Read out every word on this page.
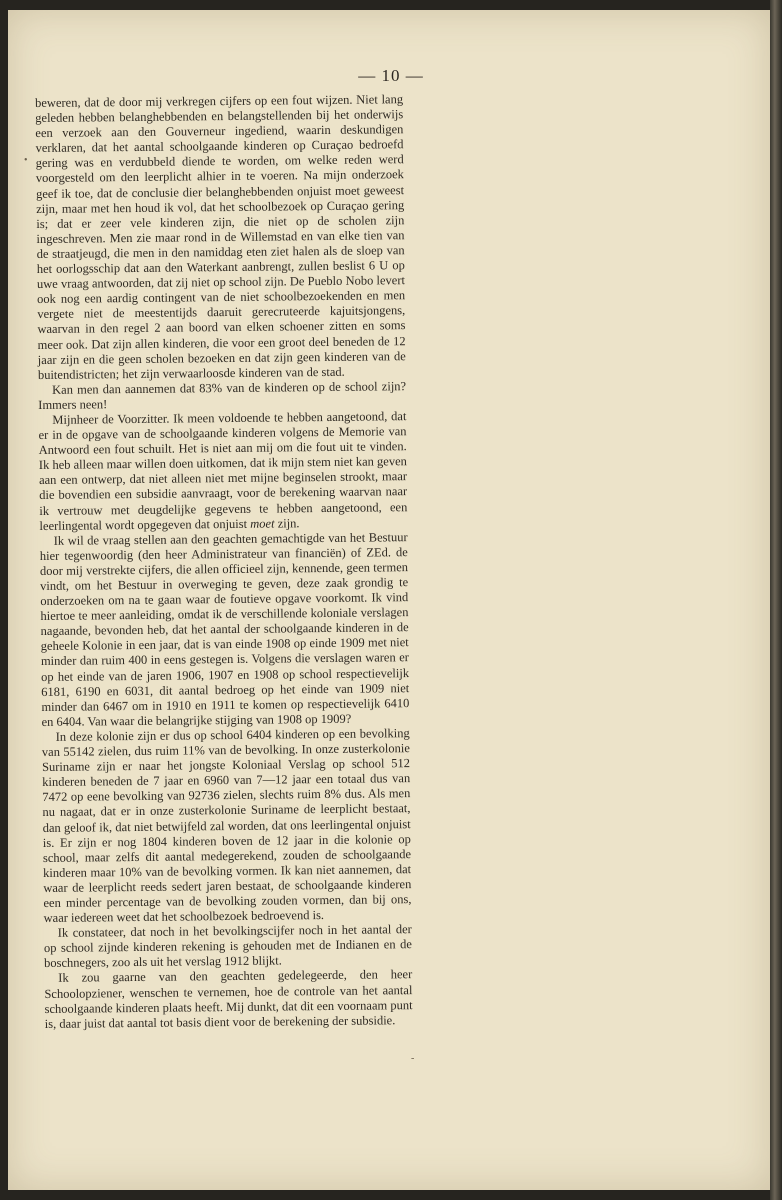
— 10 —
•
-

beweren, dat de door mij verkregen cijfers op een fout wijzen. Niet lang geleden hebben belanghebbenden en belangstellenden bij het onderwijs een verzoek aan den Gouverneur ingediend, waarin deskundigen verklaren, dat het aantal schoolgaande kinderen op Curaçao bedroefd gering was en verdubbeld diende te worden, om welke reden werd voorgesteld om den leerplicht alhier in te voeren. Na mijn onderzoek geef ik toe, dat de conclusie dier belanghebbenden onjuist moet geweest zijn, maar met hen houd ik vol, dat het schoolbezoek op Curaçao gering is; dat er zeer vele kinderen zijn, die niet op de scholen zijn ingeschreven. Men zie maar rond in de Willemstad en van elke tien van de straatjeugd, die men in den namiddag eten ziet halen als de sloep van het oorlogsschip dat aan den Waterkant aanbrengt, zullen beslist 6 U op uwe vraag antwoorden, dat zij niet op school zijn. De Pueblo Nobo levert ook nog een aardig contingent van de niet schoolbezoekenden en men vergete niet de meestentijds daaruit gerecruteerde kajuitsjongens, waarvan in den regel 2 aan boord van elken schoener zitten en soms meer ook. Dat zijn allen kinderen, die voor een groot deel beneden de 12 jaar zijn en die geen scholen bezoeken en dat zijn geen kinderen van de buitendistricten; het zijn verwaarloosde kinderen van de stad.

Kan men dan aannemen dat 83% van de kinderen op de school zijn? Immers neen!

Mijnheer de Voorzitter. Ik meen voldoende te hebben aangetoond, dat er in de opgave van de schoolgaande kinderen volgens de Memorie van Antwoord een fout schuilt. Het is niet aan mij om die fout uit te vinden. Ik heb alleen maar willen doen uitkomen, dat ik mijn stem niet kan geven aan een ontwerp, dat niet alleen niet met mijne beginselen strookt, maar die bovendien een subsidie aanvraagt, voor de berekening waarvan naar ik vertrouw met deugdelijke gegevens te hebben aangetoond, een leerlingental wordt opgegeven dat onjuist moet zijn.

Ik wil de vraag stellen aan den geachten gemachtigde van het Bestuur hier tegenwoordig (den heer Administrateur van financiën) of ZEd. de door mij verstrekte cijfers, die allen officieel zijn, kennende, geen termen vindt, om het Bestuur in overweging te geven, deze zaak grondig te onderzoeken om na te gaan waar de foutieve opgave voorkomt. Ik vind hiertoe te meer aanleiding, omdat ik de verschillende koloniale verslagen nagaande, bevonden heb, dat het aantal der schoolgaande kinderen in de geheele Kolonie in een jaar, dat is van einde 1908 op einde 1909 met niet minder dan ruim 400 in eens gestegen is. Volgens die verslagen waren er op het einde van de jaren 1906, 1907 en 1908 op school respectievelijk 6181, 6190 en 6031, dit aantal bedroeg op het einde van 1909 niet minder dan 6467 om in 1910 en 1911 te komen op respectievelijk 6410 en 6404. Van waar die belangrijke stijging van 1908 op 1909?

In deze kolonie zijn er dus op school 6404 kinderen op een bevolking van 55142 zielen, dus ruim 11% van de bevolking. In onze zusterkolonie Suriname zijn er naar het jongste Koloniaal Verslag op school 512 kinderen beneden de 7 jaar en 6960 van 7—12 jaar een totaal dus van 7472 op eene bevolking van 92736 zielen, slechts ruim 8% dus. Als men nu nagaat, dat er in onze zusterkolonie Suriname de leerplicht bestaat, dan geloof ik, dat niet betwijfeld zal worden, dat ons leerlingental onjuist is. Er zijn er nog 1804 kinderen boven de 12 jaar in die kolonie op school, maar zelfs dit aantal medegerekend, zouden de schoolgaande kinderen maar 10% van de bevolking vormen. Ik kan niet aannemen, dat waar de leerplicht reeds sedert jaren bestaat, de schoolgaande kinderen een minder percentage van de bevolking zouden vormen, dan bij ons, waar iedereen weet dat het schoolbezoek bedroevend is.

Ik constateer, dat noch in het bevolkingscijfer noch in het aantal der op school zijnde kinderen rekening is gehouden met de Indianen en de boschnegers, zoo als uit het verslag 1912 blijkt.

Ik zou gaarne van den geachten gedelegeerde, den heer Schoolopziener, wenschen te vernemen, hoe de controle van het aantal schoolgaande kinderen plaats heeft. Mij dunkt, dat dit een voornaam punt is, daar juist dat aantal tot basis dient voor de berekening der subsidie.
